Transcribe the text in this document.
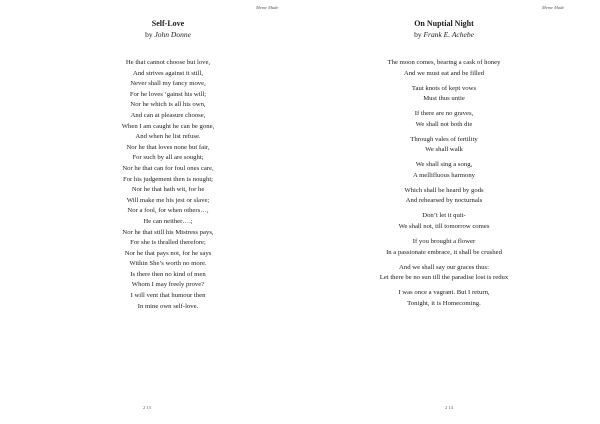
Meme Made
Self-Love
by John Donne
He that cannot choose but love,
And strives against it still,
Never shall my fancy move,
For he loves ‘gainst his will;
Nor he which is all his own,
And can at pleasure choose,
When I am caught he can be gone,
And when he list refuse.
Nor he that loves none but fair,
For such by all are sought;
Nor he that can for foul ones care,
For his judgement then is nought;
Nor he that hath wit, for he
Will make me his jest or slave;
Nor a fool, for when others…,
He can neither….;
Nor he that still his Mistress pays,
For she is thralled therefore;
Nor he that pays not, for he says
Within She’s worth no more.
Is there then no kind of men
Whom I may freely prove?
I will vent that humour then
In mine own self-love.
2 13
Meme Made
On Nuptial Night
by Frank E. Achebe
The moon comes, bearing a cask of honey
And we must eat and be filled
Taut knots of kept vows
Must thus untie
If there are no graves,
We shall not both die
Through vales of fertility
We shall walk
We shall sing a song,
A mellifluous harmony
Which shall be heard by gods
And rehearsed by nocturnals
Don’t let it quit-
We shall not, till tomorrow comes
If you brought a flower
In a passionate embrace, it shall be crushed
And we shall say our graces thus:
Let there be no sun till the paradise lost is redux
I was once a vagrant. But I return,
Tonight, it is Homecoming.
2 14
